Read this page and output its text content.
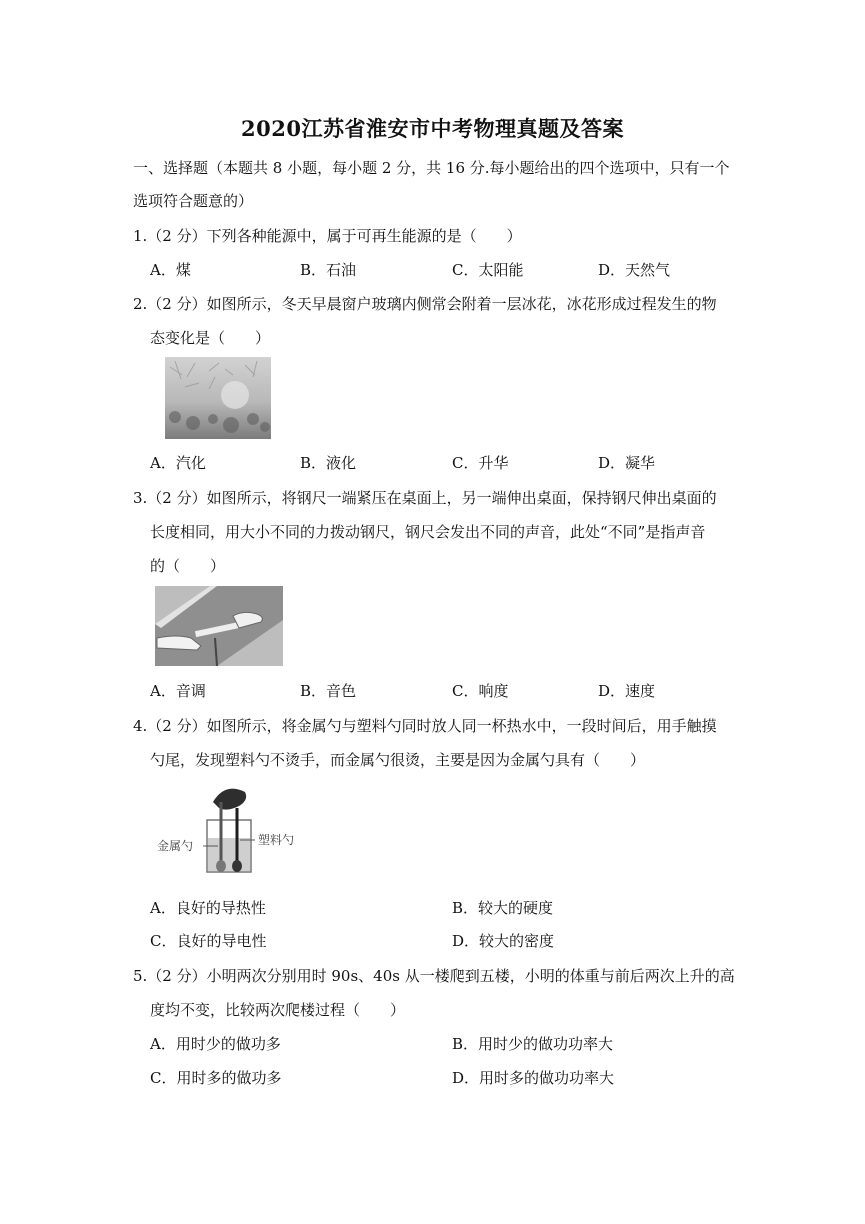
2020江苏省淮安市中考物理真题及答案
一、选择题（本题共 8 小题，每小题 2 分，共 16 分.每小题给出的四个选项中，只有一个
选项符合题意的）
1.（2 分）下列各种能源中，属于可再生能源的是（　　）
A．煤	B．石油	C．太阳能	D．天然气
2.（2 分）如图所示，冬天早晨窗户玻璃内侧常会附着一层冰花，冰花形成过程发生的物
态变化是（　　）
A．汽化	B．液化	C．升华	D．凝华
3.（2 分）如图所示，将钢尺一端紧压在桌面上，另一端伸出桌面，保持钢尺伸出桌面的
长度相同，用大小不同的力拨动钢尺，钢尺会发出不同的声音，此处“不同”是指声音
的（　　）
A．音调	B．音色	C．响度	D．速度
4.（2 分）如图所示，将金属勺与塑料勺同时放人同一杯热水中，一段时间后，用手触摸
勺尾，发现塑料勺不烫手，而金属勺很烫，主要是因为金属勺具有（　　）
金属勺	塑料勺
A．良好的导热性	B．较大的硬度
C．良好的导电性	D．较大的密度
5.（2 分）小明两次分别用时 90s、40s 从一楼爬到五楼，小明的体重与前后两次上升的高
度均不变，比较两次爬楼过程（　　）
A．用时少的做功多	B．用时少的做功功率大
C．用时多的做功多	D．用时多的做功功率大
